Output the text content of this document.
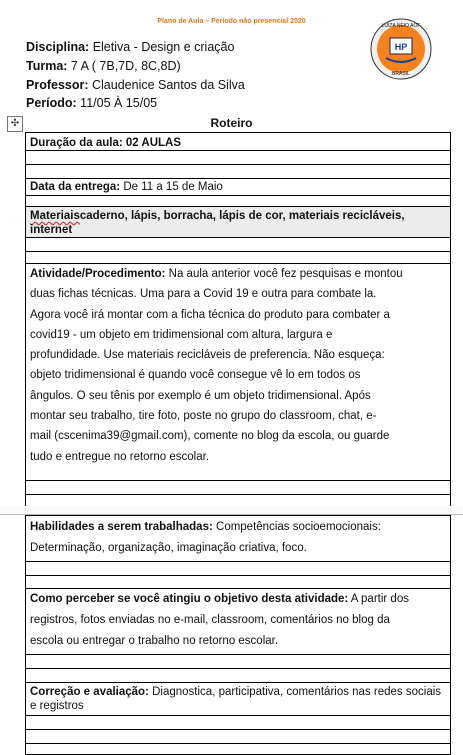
Plano de Aula – Período não presencial 2020
HP
LUIZA NEIO AOF
BRASIL
Disciplina: Eletiva - Design e criação
Turma: 7 A ( 7B,7D, 8C,8D)
Professor: Claudenice Santos da Silva
Período: 11/05 À 15/05
✣	Roteiro
Duração da aula: 02 AULAS
Data da entrega: De 11 a 15 de Maio
Materiaiscaderno, lápis, borracha, lápis de cor, materiais recicláveis, internet
Atividade/Procedimento: Na aula anterior você fez pesquisas e montou
duas fichas técnicas. Uma para a Covid 19 e outra para combate la.
Agora você irá montar com a ficha técnica do produto para combater a
covid19 - um objeto em tridimensional com altura, largura e
profundidade. Use materiais recicláveis de preferencia. Não esqueça:
objeto tridimensional é quando você consegue vê lo em todos os
ângulos. O seu tênis por exemplo é um objeto tridimensional. Após
montar seu trabalho, tire foto, poste no grupo do classroom, chat, e-
mail (cscenima39@gmail.com), comente no blog da escola, ou guarde
tudo e entregue no retorno escolar.
Habilidades a serem trabalhadas: Competências socioemocionais:
Determinação, organização, imaginação criativa, foco.
Como perceber se você atingiu o objetivo desta atividade: A partir dos
registros, fotos enviadas no e-mail, classroom, comentários no blog da
escola ou entregar o trabalho no retorno escolar.
Correção e avaliação: Diagnostica, participativa, comentários nas redes sociais e registros
